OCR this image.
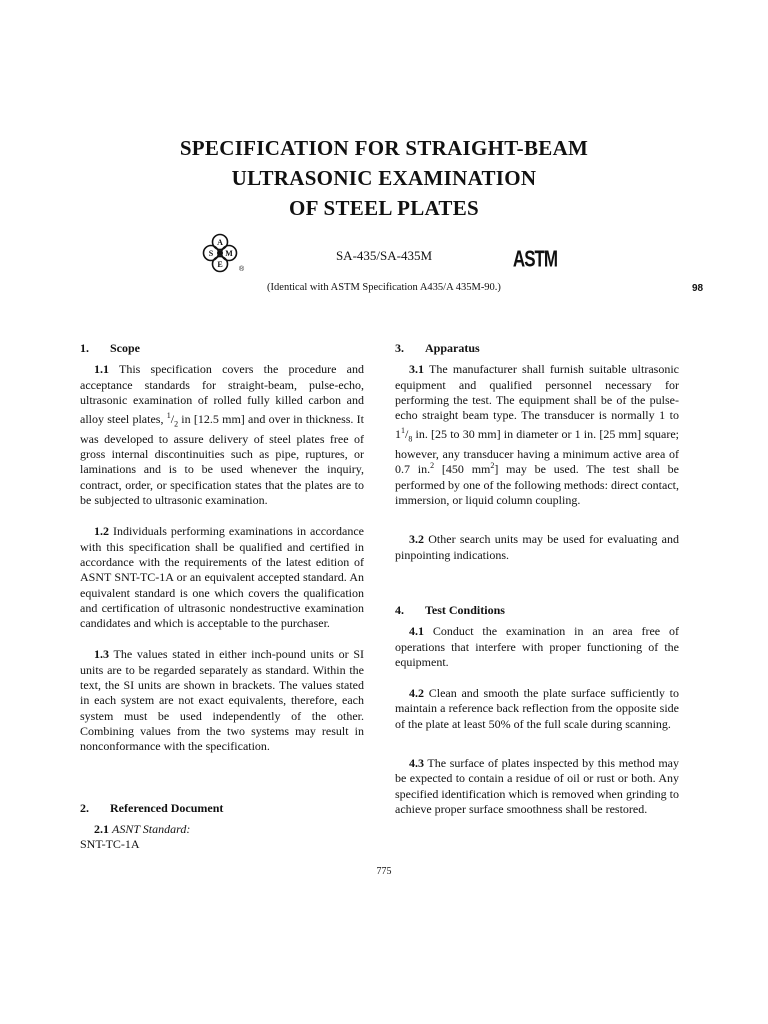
SPECIFICATION FOR STRAIGHT-BEAM
ULTRASONIC EXAMINATION
OF STEEL PLATES
A
S M
E
®
SA-435/SA-435M	ASTM
(Identical with ASTM Specification A435/A 435M-90.)	98
1. Scope

1.1 This specification covers the procedure and acceptance standards for straight-beam, pulse-echo, ultrasonic examination of rolled fully killed carbon and alloy steel plates, $^1/_2$ in [12.5 mm] and over in thickness. It was developed to assure delivery of steel plates free of gross internal discontinuities such as pipe, ruptures, or laminations and is to be used whenever the inquiry, contract, order, or specification states that the plates are to be subjected to ultrasonic examination.

1.2 Individuals performing examinations in accordance with this specification shall be qualified and certified in accordance with the requirements of the latest edition of ASNT SNT-TC-1A or an equivalent accepted standard. An equivalent standard is one which covers the qualification and certification of ultrasonic nondestructive examination candidates and which is acceptable to the purchaser.

1.3 The values stated in either inch-pound units or SI units are to be regarded separately as standard. Within the text, the SI units are shown in brackets. The values stated in each system are not exact equivalents, therefore, each system must be used independently of the other. Combining values from the two systems may result in nonconformance with the specification.

2. Referenced Document

2.1 ASNT Standard:

SNT-TC-1A

3. Apparatus

3.1 The manufacturer shall furnish suitable ultrasonic equipment and qualified personnel necessary for performing the test. The equipment shall be of the pulse-echo straight beam type. The transducer is normally 1 to $1^1/_8$ in. [25 to 30 mm] in diameter or 1 in. [25 mm] square; however, any transducer having a minimum active area of 0.7 in.$^2$ [450 $mm^2$] may be used. The test shall be performed by one of the following methods: direct contact, immersion, or liquid column coupling.

3.2 Other search units may be used for evaluating and pinpointing indications.

4. Test Conditions

4.1 Conduct the examination in an area free of operations that interfere with proper functioning of the equipment.

4.2 Clean and smooth the plate surface sufficiently to maintain a reference back reflection from the opposite side of the plate at least 50% of the full scale during scanning.

4.3 The surface of plates inspected by this method may be expected to contain a residue of oil or rust or both. Any specified identification which is removed when grinding to achieve proper surface smoothness shall be restored.

775
